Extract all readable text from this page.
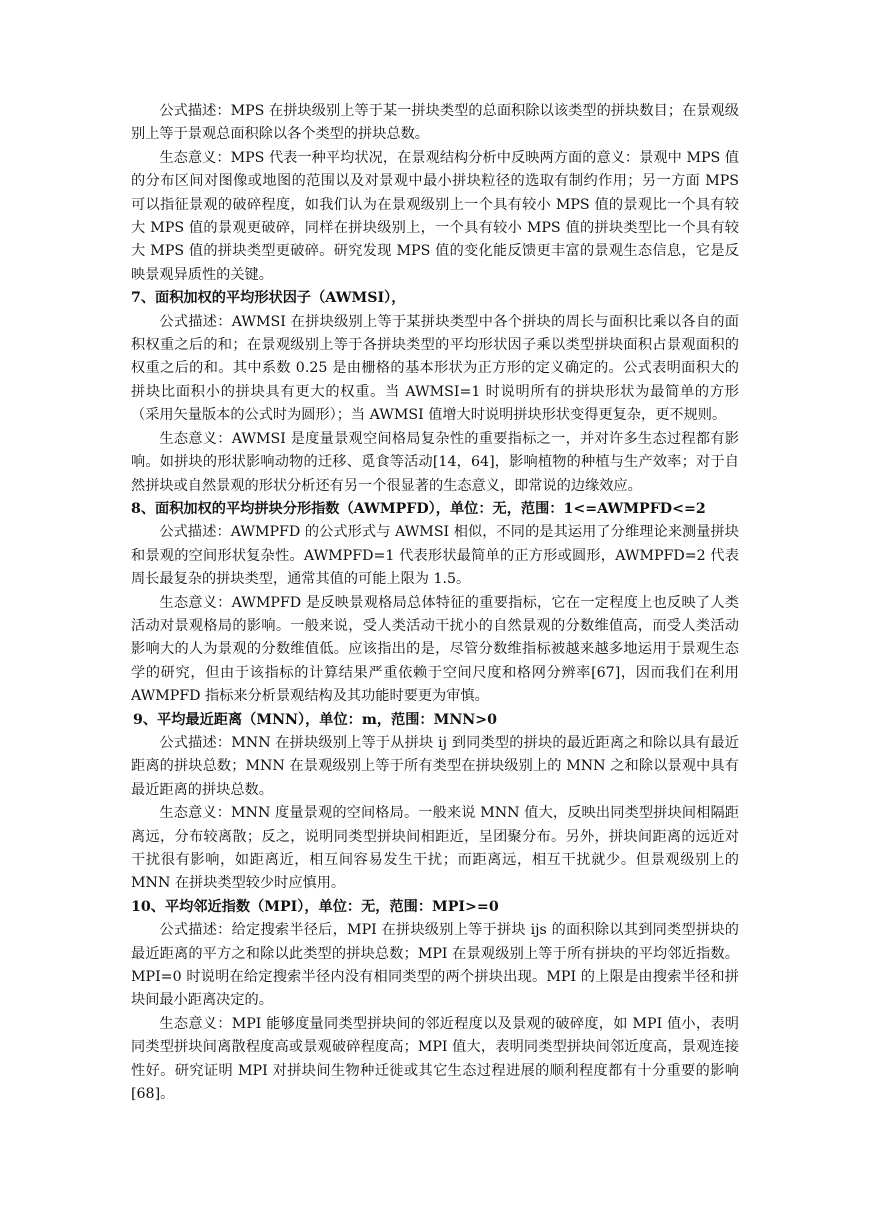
公式描述：MPS 在拼块级别上等于某一拼块类型的总面积除以该类型的拼块数目；在景观级别上等于景观总面积除以各个类型的拼块总数。

生态意义：MPS 代表一种平均状况，在景观结构分析中反映两方面的意义：景观中 MPS 值的分布区间对图像或地图的范围以及对景观中最小拼块粒径的选取有制约作用；另一方面 MPS 可以指征景观的破碎程度，如我们认为在景观级别上一个具有较小 MPS 值的景观比一个具有较大 MPS 值的景观更破碎，同样在拼块级别上，一个具有较小 MPS 值的拼块类型比一个具有较大 MPS 值的拼块类型更破碎。研究发现 MPS 值的变化能反馈更丰富的景观生态信息，它是反映景观异质性的关键。

7、面积加权的平均形状因子（AWMSI），

公式描述：AWMSI 在拼块级别上等于某拼块类型中各个拼块的周长与面积比乘以各自的面积权重之后的和；在景观级别上等于各拼块类型的平均形状因子乘以类型拼块面积占景观面积的权重之后的和。其中系数 0.25 是由栅格的基本形状为正方形的定义确定的。公式表明面积大的拼块比面积小的拼块具有更大的权重。当 AWMSI=1 时说明所有的拼块形状为最简单的方形（采用矢量版本的公式时为圆形）；当 AWMSI 值增大时说明拼块形状变得更复杂，更不规则。

生态意义：AWMSI 是度量景观空间格局复杂性的重要指标之一，并对许多生态过程都有影响。如拼块的形状影响动物的迁移、觅食等活动[14，64]，影响植物的种植与生产效率；对于自然拼块或自然景观的形状分析还有另一个很显著的生态意义，即常说的边缘效应。

8、面积加权的平均拼块分形指数（AWMPFD），单位：无，范围：1<=AWMPFD<=2

公式描述：AWMPFD 的公式形式与 AWMSI 相似，不同的是其运用了分维理论来测量拼块和景观的空间形状复杂性。AWMPFD=1 代表形状最简单的正方形或圆形，AWMPFD=2 代表周长最复杂的拼块类型，通常其值的可能上限为 1.5。

生态意义：AWMPFD 是反映景观格局总体特征的重要指标，它在一定程度上也反映了人类活动对景观格局的影响。一般来说，受人类活动干扰小的自然景观的分数维值高，而受人类活动影响大的人为景观的分数维值低。应该指出的是，尽管分数维指标被越来越多地运用于景观生态学的研究，但由于该指标的计算结果严重依赖于空间尺度和格网分辨率[67]，因而我们在利用 AWMPFD 指标来分析景观结构及其功能时要更为审慎。

9、平均最近距离（MNN），单位：m，范围：MNN>0

公式描述：MNN 在拼块级别上等于从拼块 ij 到同类型的拼块的最近距离之和除以具有最近距离的拼块总数；MNN 在景观级别上等于所有类型在拼块级别上的 MNN 之和除以景观中具有最近距离的拼块总数。

生态意义：MNN 度量景观的空间格局。一般来说 MNN 值大，反映出同类型拼块间相隔距离远，分布较离散；反之，说明同类型拼块间相距近，呈团聚分布。另外，拼块间距离的远近对干扰很有影响，如距离近，相互间容易发生干扰；而距离远，相互干扰就少。但景观级别上的 MNN 在拼块类型较少时应慎用。

10、平均邻近指数（MPI），单位：无，范围：MPI>=0

公式描述：给定搜索半径后，MPI 在拼块级别上等于拼块 ijs 的面积除以其到同类型拼块的最近距离的平方之和除以此类型的拼块总数；MPI 在景观级别上等于所有拼块的平均邻近指数。MPI=0 时说明在给定搜索半径内没有相同类型的两个拼块出现。MPI 的上限是由搜索半径和拼块间最小距离决定的。

生态意义：MPI 能够度量同类型拼块间的邻近程度以及景观的破碎度，如 MPI 值小，表明同类型拼块间离散程度高或景观破碎程度高；MPI 值大，表明同类型拼块间邻近度高，景观连接性好。研究证明 MPI 对拼块间生物种迁徙或其它生态过程进展的顺利程度都有十分重要的影响[68]。
